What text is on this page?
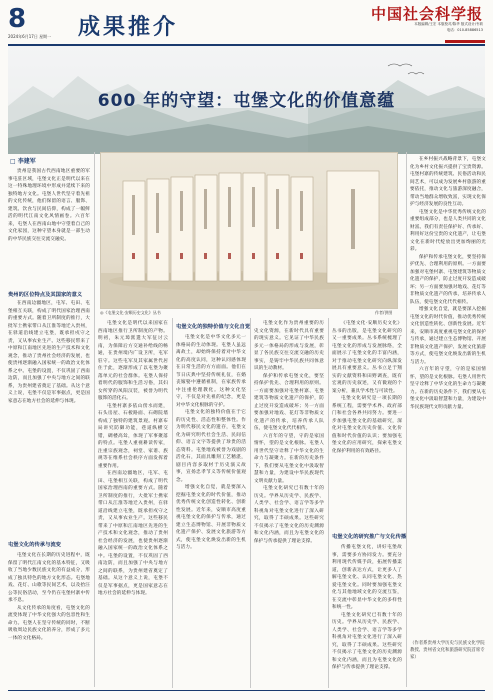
8
2024年6月17日 星期一 成果推介
中国社会科学报
本版编辑/王宏 本版校对/陈华 版式设计/韦莉
电话：010-85886513
600 年的守望：屯堡文化的价值意蕴
◎《屯堡文化·安顺历史文化》丛书	作者/供图
□ 李建军

贵州是我国古代西南地区重要的军事屯驻区域，屯堡文化正是明代以来在这一特殊地理环境中形成并延续下来的独特地方文化。屯堡人世代坚守着先祖的文化传统，他们保留的语言、服饰、建筑、饮食与民间信仰，构成了一幅鲜活的明代江南文化风情画卷。六百年来，屯堡人在西南山地中守望着自己的文化家园，这种守望本身就是一部生动的中华民族交往交流交融史。

贵州的区位特点及其国家的意义

在西南边疆地区，屯军、屯田、屯堡相互关联，构成了明代国家治理西南的重要方式。随着卫所制度的推行，大批军士携家带口从江淮等地迁入贵州，在驿道沿线建立屯堡，既承担戍守之责，又从事农业生产。这些移民带来了中原和江南地区先进的生产技术和文化观念，推动了贵州社会经济的发展，也使贵州逐渐融入国家统一的政治文化体系之中。屯堡的设置，不仅巩固了西南边防，而且加强了中央与地方之间的联系，为贵州建省奠定了基础。从这个意义上说，屯堡不仅是军事据点，更是国家意志在地方社会的延伸与体现。

屯堡文化的传承与流变

屯堡文化在长期的历史进程中，既保留了明代江南文化的基本特征，又吸收了当地少数民族文化的有益成分，形成了独具特色的地方文化形态。屯堡地戏、花灯、山歌等民间艺术，以及抬汪公等民俗活动，至今仍在屯堡村寨中传承不息。

从文化传承的角度看，屯堡文化的流变体现了中华文化强大的包容性和生命力。屯堡人在坚守传统的同时，不断吸收周边民族文化的养分，形成了多元一体的文化格局。

屯堡文化是明代以来国家在西南地区推行卫所制度的产物。明初，朱元璋派遣大军征讨云南，为保障后方交通补给线的畅通，在贵州境内广设卫所，屯军驻守。这些屯军及其家属世代居住于此，逐渐形成了以屯堡为聚落单元的社会群体。屯堡人保持着明代的服饰和生活习俗，其妇女所穿的凤阳汉装，被誉为明代服饰的活化石。

屯堡村寨多依山傍水而建，石头房屋、石板路面、石砌院墙构成了独特的建筑景观。村寨布局讲究防御功能，巷道纵横交错，碉楼高耸，体现了军事聚落的特点。屯堡人重视耕读传家，注重宗族观念，祠堂、家谱、族规等在维系社会秩序方面发挥着重要作用。

在西南边疆地区，屯军、屯田、屯堡相互关联，构成了明代国家治理西南的重要方式。随着卫所制度的推行，大批军士携家带口从江淮等地迁入贵州，在驿道沿线建立屯堡，既承担戍守之责，又从事农业生产。这些移民带来了中原和江南地区先进的生产技术和文化观念，推动了贵州社会经济的发展，也使贵州逐渐融入国家统一的政治文化体系之中。屯堡的设置，不仅巩固了西南边防，而且加强了中央与地方之间的联系，为贵州建省奠定了基础。从这个意义上说，屯堡不仅是军事据点，更是国家意志在地方社会的延伸与体现。

屯堡文化的独特价值与文化自觉

屯堡文化是中华文化多元一体格局的生动体现。屯堡人虽远离故土，却始终保持着对中华文化的高度认同，这种认同感体现在日常生活的方方面面。他们在节日庆典中坚持传统礼仪，在婚丧嫁娶中遵循祖制，在家族传承中注重伦理教化。这种文化坚守，不仅是对先祖的纪念，更是对中华文化根脉的守护。

屯堡文化的独特价值在于它的历史性、活态性和整体性。作为明代移民文化的遗存，屯堡文化为研究明代社会生活、民间信仰、语言文字等提供了珍贵的活态资料。屯堡地戏被誉为戏剧的活化石，其面具雕刻工艺精湛，剧目内容多取材于历史演义故事，宣扬忠孝节义等传统价值观念。

增强文化自觉，就是要深入挖掘屯堡文化的时代价值，推动优秀传统文化创造性转化、创新性发展。近年来，安顺市高度重视屯堡文化的保护与传承，通过建立生态博物馆、开展非物质文化遗产保护、发展文化旅游等方式，使屯堡文化焕发出新的生机与活力。

屯堡文化作为贵州重要的历史文化资源，在新时代具有重要的现实意义。它见证了中华民族多元一体格局的形成与发展，彰显了各民族交往交流交融的历史事实，是铸牢中华民族共同体意识的生动教材。

保护和传承屯堡文化，要坚持保护优先、合理利用的原则。一方面要加强对屯堡村寨、屯堡建筑等物质文化遗产的保护，防止过度开发造成破坏；另一方面要加强对地戏、花灯等非物质文化遗产的传承，培养传承人队伍，使屯堡文化代代相传。

六百年的守望，守的是家国情怀，望的是文化根脉。屯堡人用世代坚守诠释了中华文化的生命力与凝聚力。在新的历史条件下，我们要从屯堡文化中汲取智慧和力量，为建设中华民族现代文明贡献力量。

屯堡文化研究已有数十年的历史。学界从历史学、民族学、人类学、社会学、语言学等多学科视角对屯堡文化进行了深入研究，取得了丰硕成果。这些研究不仅揭示了屯堡文化的历史渊源和文化内涵，而且为屯堡文化的保护与传承提供了理论支撑。

《屯堡文化·安顺历史文化》丛书的出版，是屯堡文化研究的又一重要成果。丛书系统梳理了屯堡文化的形成与发展脉络，全面展示了屯堡文化的丰富内涵，对于推动屯堡文化研究向纵深发展具有重要意义。丛书立足于翔实的文献资料和田野调查，既有宏观的历史叙述，又有微观的个案分析，兼具学术性与可读性。

屯堡文化研究是一项长期的系统工程，需要学术界、政府部门和社会各界共同努力。要进一步加强屯堡文化的基础研究，深化对屯堡文化历史价值、文化价值和时代价值的认识；要加强屯堡文化的应用研究，探索屯堡文化保护利用的有效路径。

屯堡文化的研究推广与文化传播

传播屯堡文化，讲好屯堡故事，需要多方协同发力。要充分利用现代传媒手段，拓展传播渠道，创新表达方式，让更多人了解屯堡文化、认同屯堡文化、热爱屯堡文化。同时要加强屯堡文化与其他地域文化的交流互鉴，在交流中彰显中华文化的多样性和统一性。

屯堡文化研究已有数十年的历史。学界从历史学、民族学、人类学、社会学、语言学等多学科视角对屯堡文化进行了深入研究，取得了丰硕成果。这些研究不仅揭示了屯堡文化的历史渊源和文化内涵，而且为屯堡文化的保护与传承提供了理论支撑。

在乡村振兴战略背景下，屯堡文化为乡村文化振兴提供了宝贵资源。屯堡村寨的传统建筑、民俗活动和民间艺术，可以成为发展乡村旅游的重要依托，推动文化与旅游深度融合，带动当地群众增收致富，实现文化保护与经济发展的良性互动。

屯堡文化是中华优秀传统文化的重要组成部分，也是人类共同的文化财富。我们有责任保护好、传承好、利用好这份宝贵的文化遗产，让屯堡文化在新时代绽放出更加绚丽的光彩。

保护和传承屯堡文化，要坚持保护优先、合理利用的原则。一方面要加强对屯堡村寨、屯堡建筑等物质文化遗产的保护，防止过度开发造成破坏；另一方面要加强对地戏、花灯等非物质文化遗产的传承，培养传承人队伍，使屯堡文化代代相传。

增强文化自觉，就是要深入挖掘屯堡文化的时代价值，推动优秀传统文化创造性转化、创新性发展。近年来，安顺市高度重视屯堡文化的保护与传承，通过建立生态博物馆、开展非物质文化遗产保护、发展文化旅游等方式，使屯堡文化焕发出新的生机与活力。

六百年的守望，守的是家国情怀，望的是文化根脉。屯堡人用世代坚守诠释了中华文化的生命力与凝聚力。在新的历史条件下，我们要从屯堡文化中汲取智慧和力量，为建设中华民族现代文明贡献力量。

（作者系贵州大学历史与民族文化学院教授、贵州省文化和旅游研究院首席专家）
